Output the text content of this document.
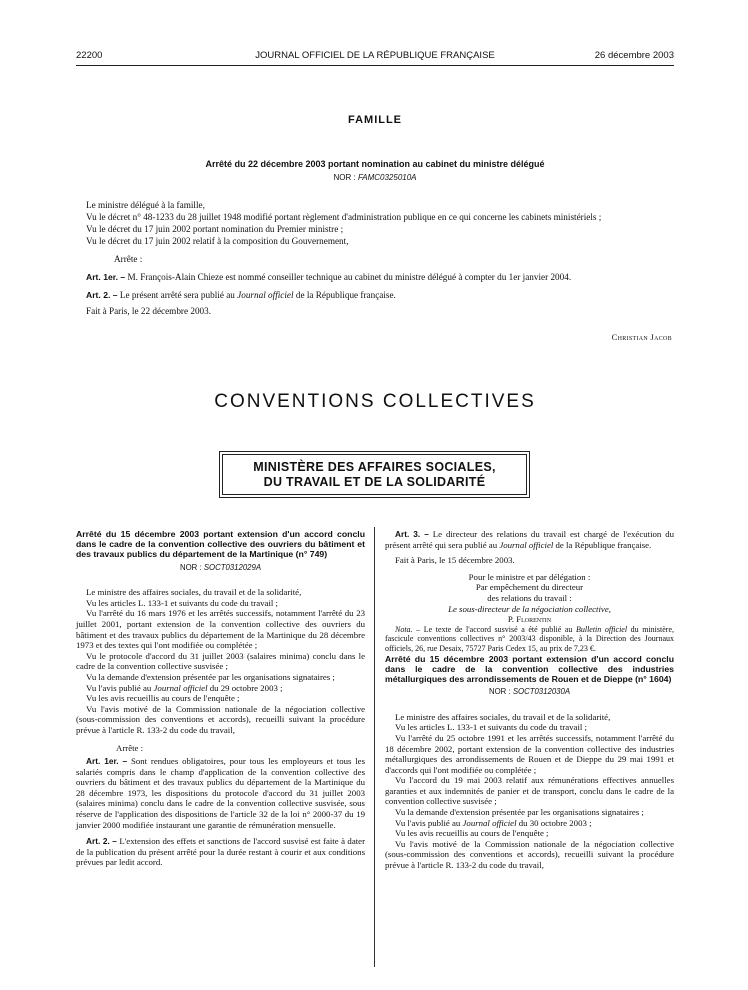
22200	JOURNAL OFFICIEL DE LA RÉPUBLIQUE FRANÇAISE	26 décembre 2003
FAMILLE
Arrêté du 22 décembre 2003 portant nomination au cabinet du ministre délégué
NOR : FAMC0325010A

Le ministre délégué à la famille,

Vu le décret n° 48-1233 du 28 juillet 1948 modifié portant règlement d'administration publique en ce qui concerne les cabinets ministériels ;

Vu le décret du 17 juin 2002 portant nomination du Premier ministre ;

Vu le décret du 17 juin 2002 relatif à la composition du Gouvernement,

Arrête :

Art. 1er. – M. François-Alain Chieze est nommé conseiller technique au cabinet du ministre délégué à compter du 1er janvier 2004.

Art. 2. – Le présent arrêté sera publié au Journal officiel de la République française.

Fait à Paris, le 22 décembre 2003.

Christian Jacob
CONVENTIONS COLLECTIVES
MINISTÈRE DES AFFAIRES SOCIALES,
DU TRAVAIL ET DE LA SOLIDARITÉ

Arrêté du 15 décembre 2003 portant extension d'un accord conclu dans le cadre de la convention collective des ouvriers du bâtiment et des travaux publics du département de la Martinique (n° 749)

NOR : SOCT0312029A

Le ministre des affaires sociales, du travail et de la solidarité,

Vu les articles L. 133-1 et suivants du code du travail ;

Vu l'arrêté du 16 mars 1976 et les arrêtés successifs, notamment l'arrêté du 23 juillet 2001, portant extension de la convention collective des ouvriers du bâtiment et des travaux publics du département de la Martinique du 28 décembre 1973 et des textes qui l'ont modifiée ou complétée ;

Vu le protocole d'accord du 31 juillet 2003 (salaires minima) conclu dans le cadre de la convention collective susvisée ;

Vu la demande d'extension présentée par les organisations signataires ;

Vu l'avis publié au Journal officiel du 29 octobre 2003 ;

Vu les avis recueillis au cours de l'enquête ;

Vu l'avis motivé de la Commission nationale de la négociation collective (sous-commission des conventions et accords), recueilli suivant la procédure prévue à l'article R. 133-2 du code du travail,

Arrête :

Art. 1er. – Sont rendues obligatoires, pour tous les employeurs et tous les salariés compris dans le champ d'application de la convention collective des ouvriers du bâtiment et des travaux publics du département de la Martinique du 28 décembre 1973, les dispositions du protocole d'accord du 31 juillet 2003 (salaires minima) conclu dans le cadre de la convention collective susvisée, sous réserve de l'application des dispositions de l'article 32 de la loi n° 2000-37 du 19 janvier 2000 modifiée instaurant une garantie de rémunération mensuelle.

Art. 2. – L'extension des effets et sanctions de l'accord susvisé est faite à dater de la publication du présent arrêté pour la durée restant à courir et aux conditions prévues par ledit accord.

Art. 3. – Le directeur des relations du travail est chargé de l'exécution du présent arrêté qui sera publié au Journal officiel de la République française.

Fait à Paris, le 15 décembre 2003.

Pour le ministre et par délégation :
Par empêchement du directeur
des relations du travail :
Le sous-directeur de la négociation collective,
P. Florentin

Nota. – Le texte de l'accord susvisé a été publié au Bulletin officiel du ministère, fascicule conventions collectives n° 2003/43 disponible, à la Direction des Journaux officiels, 26, rue Desaix, 75727 Paris Cedex 15, au prix de 7,23 €.

Arrêté du 15 décembre 2003 portant extension d'un accord conclu dans le cadre de la convention collective des industries métallurgiques des arrondissements de Rouen et de Dieppe (n° 1604)

NOR : SOCT0312030A

Le ministre des affaires sociales, du travail et de la solidarité,

Vu les articles L. 133-1 et suivants du code du travail ;

Vu l'arrêté du 25 octobre 1991 et les arrêtés successifs, notamment l'arrêté du 18 décembre 2002, portant extension de la convention collective des industries métallurgiques des arrondissements de Rouen et de Dieppe du 29 mai 1991 et d'accords qui l'ont modifiée ou complétée ;

Vu l'accord du 19 mai 2003 relatif aux rémunérations effectives annuelles garanties et aux indemnités de panier et de transport, conclu dans le cadre de la convention collective susvisée ;

Vu la demande d'extension présentée par les organisations signataires ;

Vu l'avis publié au Journal officiel du 30 octobre 2003 ;

Vu les avis recueillis au cours de l'enquête ;

Vu l'avis motivé de la Commission nationale de la négociation collective (sous-commission des conventions et accords), recueilli suivant la procédure prévue à l'article R. 133-2 du code du travail,
